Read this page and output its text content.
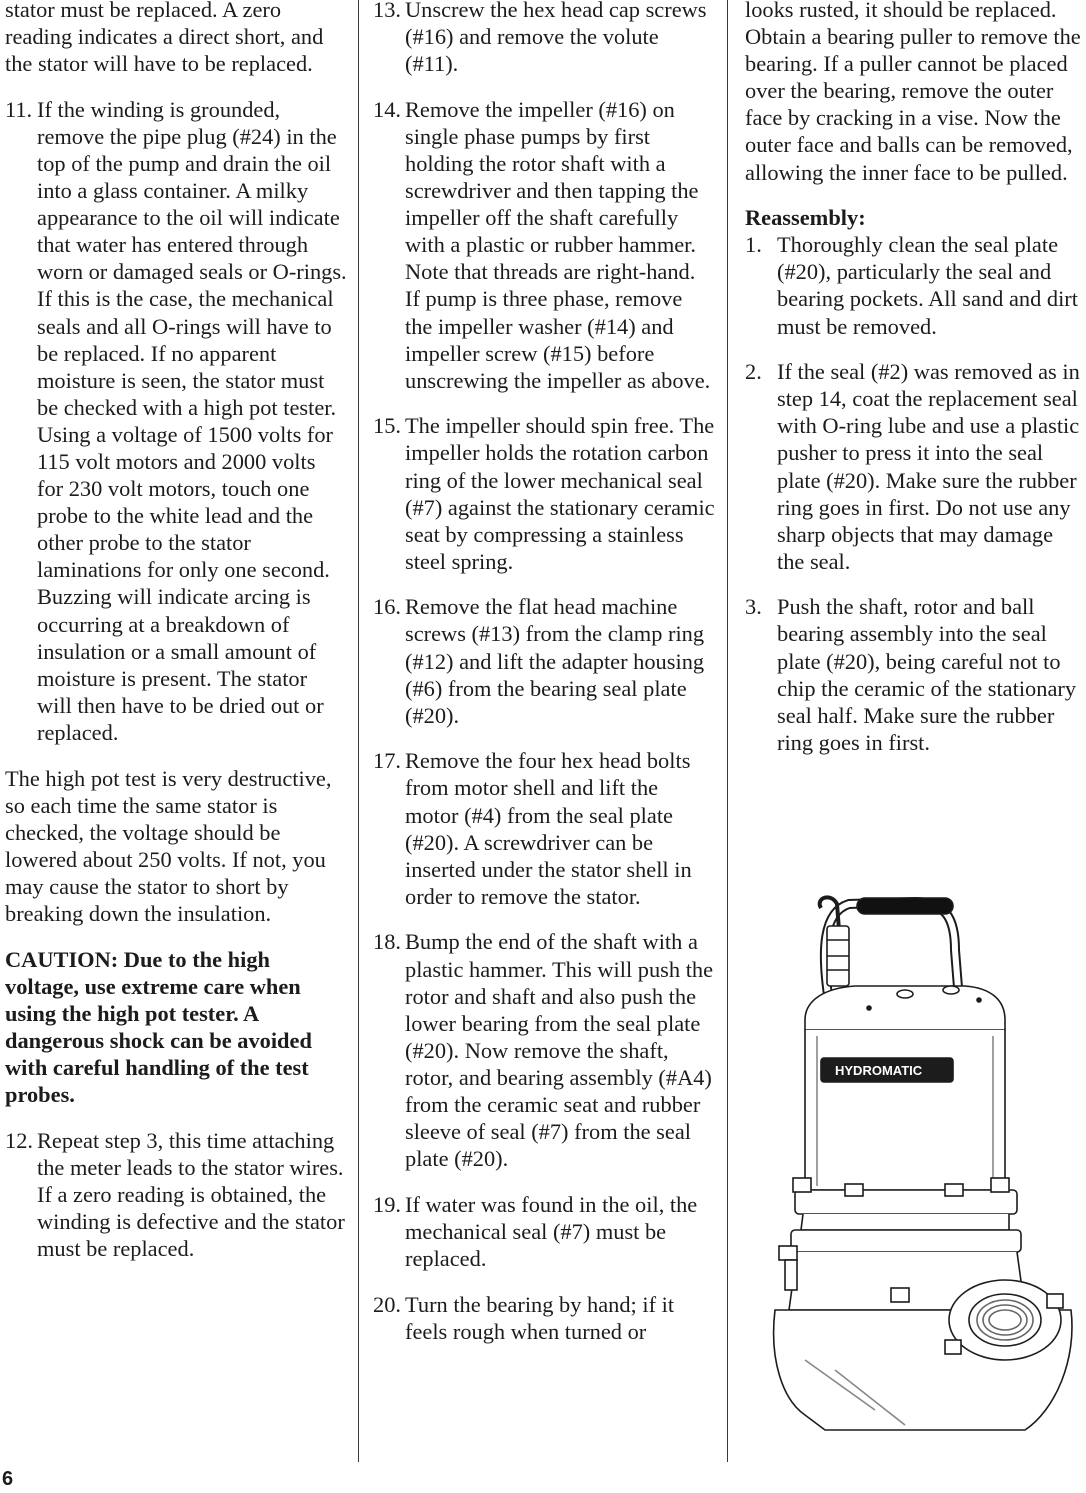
stator must be replaced. A zero reading indicates a direct short, and the stator will have to be replaced.

11. If the winding is grounded, remove the pipe plug (#24) in the top of the pump and drain the oil into a glass container. A milky appearance to the oil will indicate that water has entered through worn or damaged seals or O-rings. If this is the case, the mechanical seals and all O-rings will have to be replaced. If no apparent moisture is seen, the stator must be checked with a high pot tester. Using a voltage of 1500 volts for 115 volt motors and 2000 volts for 230 volt motors, touch one probe to the white lead and the other probe to the stator laminations for only one second. Buzzing will indicate arcing is occurring at a breakdown of insulation or a small amount of moisture is present. The stator will then have to be dried out or replaced.

The high pot test is very destructive, so each time the same stator is checked, the voltage should be lowered about 250 volts. If not, you may cause the stator to short by breaking down the insulation.

CAUTION: Due to the high voltage, use extreme care when using the high pot tester. A dangerous shock can be avoided with careful handling of the test probes.

12. Repeat step 3, this time attaching the meter leads to the stator wires. If a zero reading is obtained, the winding is defective and the stator must be replaced.
13. Unscrew the hex head cap screws (#16) and remove the volute (#11).
14. Remove the impeller (#16) on single phase pumps by first holding the rotor shaft with a screwdriver and then tapping the impeller off the shaft carefully with a plastic or rubber hammer. Note that threads are right-hand. If pump is three phase, remove the impeller washer (#14) and impeller screw (#15) before unscrewing the impeller as above.
15. The impeller should spin free. The impeller holds the rotation carbon ring of the lower mechanical seal (#7) against the stationary ceramic seat by compressing a stainless steel spring.
16. Remove the flat head machine screws (#13) from the clamp ring (#12) and lift the adapter housing (#6) from the bearing seal plate (#20).
17. Remove the four hex head bolts from motor shell and lift the motor (#4) from the seal plate (#20). A screwdriver can be inserted under the stator shell in order to remove the stator.
18. Bump the end of the shaft with a plastic hammer. This will push the rotor and shaft and also push the lower bearing from the seal plate (#20). Now remove the shaft, rotor, and bearing assembly (#A4) from the ceramic seat and rubber sleeve of seal (#7) from the seal plate (#20).
19. If water was found in the oil, the mechanical seal (#7) must be replaced.
20. Turn the bearing by hand; if it feels rough when turned or

looks rusted, it should be replaced. Obtain a bearing puller to remove the bearing. If a puller cannot be placed over the bearing, remove the outer face by cracking in a vise. Now the outer face and balls can be removed, allowing the inner face to be pulled.

Reassembly:

1. Thoroughly clean the seal plate (#20), particularly the seal and bearing pockets. All sand and dirt must be removed.
2. If the seal (#2) was removed as in step 14, coat the replacement seal with O-ring lube and use a plastic pusher to press it into the seal plate (#20). Make sure the rubber ring goes in first. Do not use any sharp objects that may damage the seal.
3. Push the shaft, rotor and ball bearing assembly into the seal plate (#20), being careful not to chip the ceramic of the stationary seal half. Make sure the rubber ring goes in first.
HYDROMATIC
6
